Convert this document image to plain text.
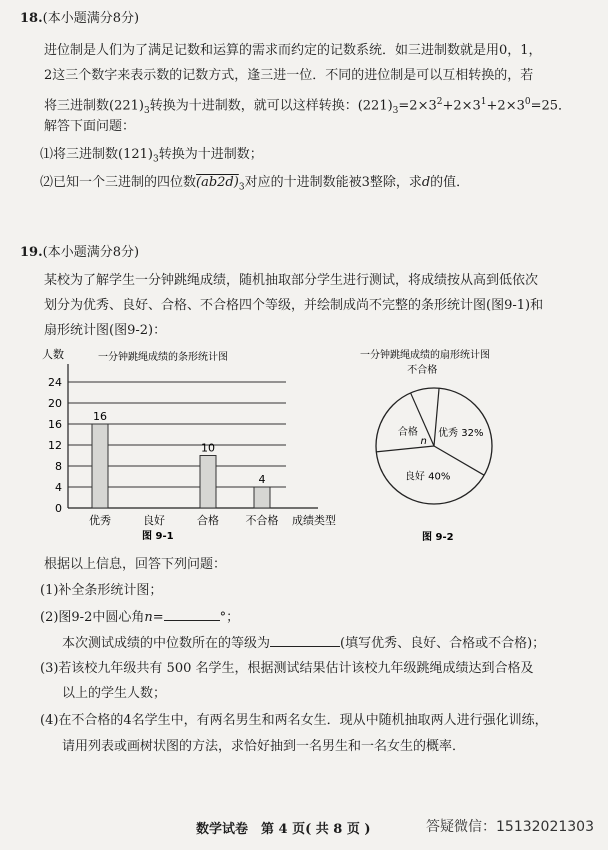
18.(本小题满分8分)
进位制是人们为了满足记数和运算的需求而约定的记数系统．如三进制数就是用0，1，
2这三个数字来表示数的记数方式，逢三进一位．不同的进位制是可以互相转换的，若
将三进制数$(221)_3$转换为十进制数，就可以这样转换：$(221)_3=2\times 3^2+2\times 3^1+2\times 3^0=25$．
解答下面问题：
⑴将三进制数$(121)_3$转换为十进制数；
⑵已知一个三进制的四位数$(ab2d)_3$对应的十进制数能被3整除，求d的值．
19.(本小题满分8分)
某校为了解学生一分钟跳绳成绩，随机抽取部分学生进行测试，将成绩按从高到低依次
划分为优秀、良好、合格、不合格四个等级，并绘制成尚不完整的条形统计图(图9-1)和
扇形统计图(图9-2)：
人数	一分钟跳绳成绩的条形统计图
成绩类型
图 9-1
0
4
8
12
16
20
24
16
优秀	良好
10
合格
4
不合格
一分钟跳绳成绩的扇形统计图
优秀 32%
良好 40%
合格
n
不合格
图 9-2
根据以上信息，回答下列问题：
(1)补全条形统计图；
(2)图9-2中圆心角n=	°；
本次测试成绩的中位数所在的等级为	(填写优秀、良好、合格或不合格)；
(3)若该校九年级共有 500 名学生，根据测试结果估计该校九年级跳绳成绩达到合格及
以上的学生人数；
(4)在不合格的4名学生中，有两名男生和两名女生．现从中随机抽取两人进行强化训练，
请用列表或画树状图的方法，求恰好抽到一名男生和一名女生的概率．
数学试卷　第 4 页( 共 8 页 )	答疑微信：15132021303
